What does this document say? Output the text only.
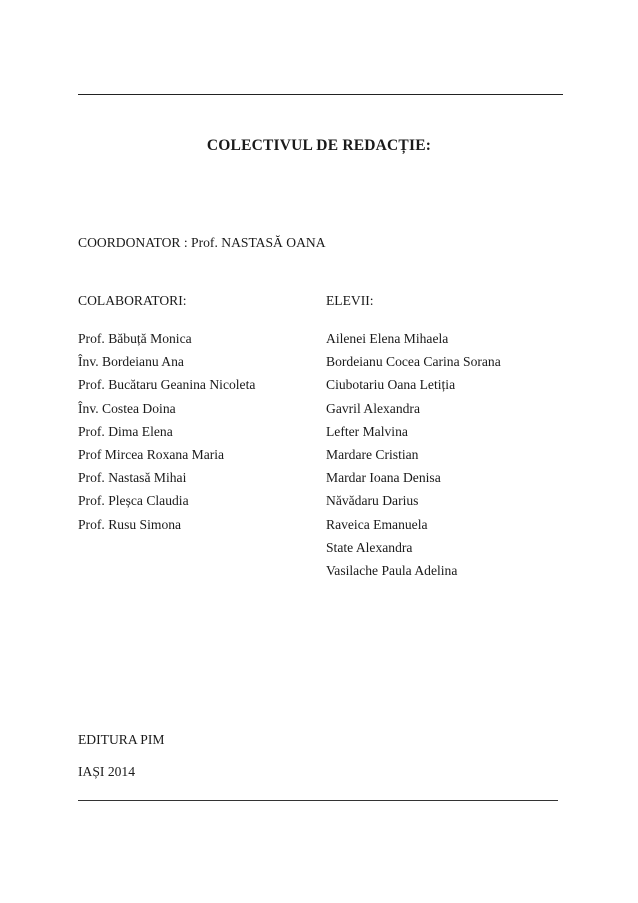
COLECTIVUL DE REDACȚIE:
COORDONATOR : Prof. NASTASĂ OANA
COLABORATORI:	ELEVII:
Prof. Băbuță Monica
Înv. Bordeianu Ana
Prof. Bucătaru Geanina Nicoleta
Înv. Costea Doina
Prof. Dima Elena
Prof Mircea Roxana Maria
Prof. Nastasă Mihai
Prof. Pleșca Claudia
Prof. Rusu Simona
Ailenei Elena Mihaela
Bordeianu Cocea Carina Sorana
Ciubotariu Oana Letiția
Gavril Alexandra
Lefter Malvina
Mardare Cristian
Mardar Ioana Denisa
Năvădaru Darius
Raveica Emanuela
State Alexandra
Vasilache Paula Adelina
EDITURA PIM
IAȘI 2014
